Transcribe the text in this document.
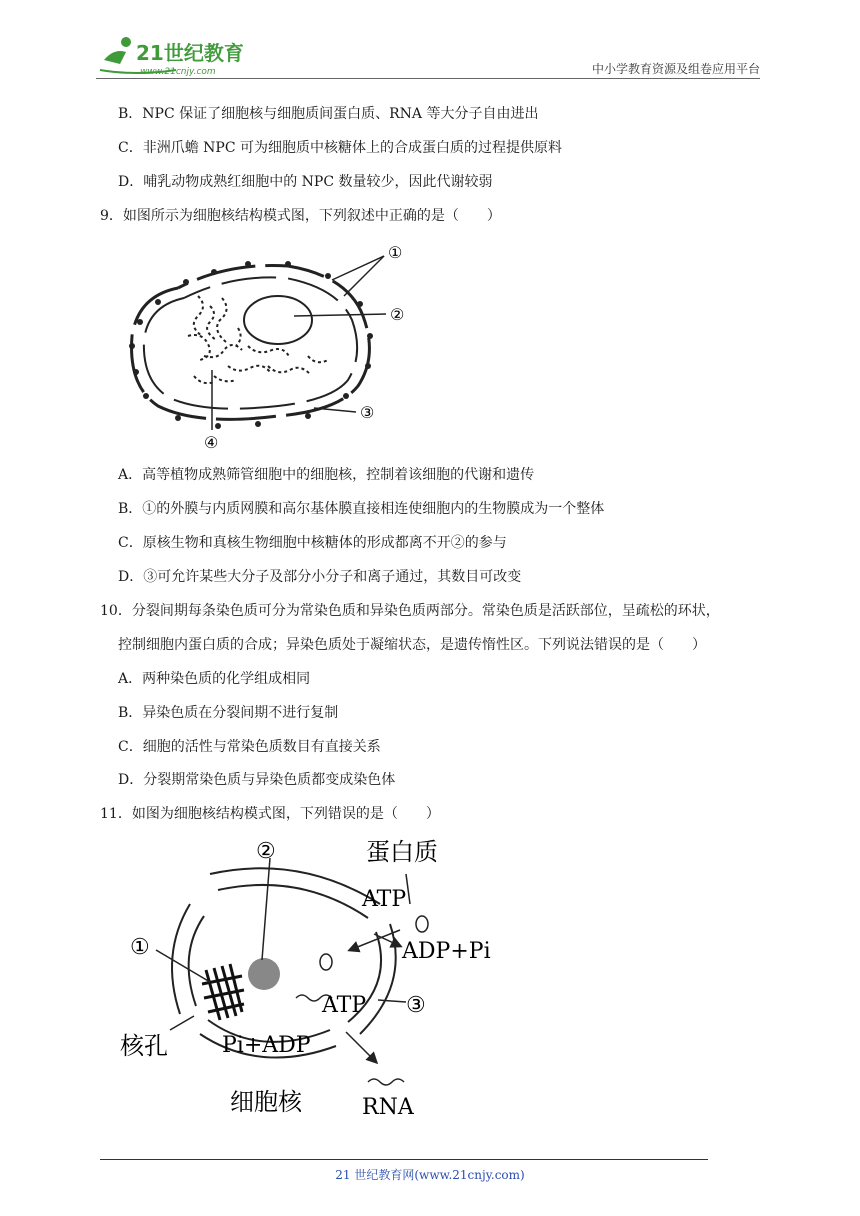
21世纪教育
www.21cnjy.com	中小学教育资源及组卷应用平台
B．NPC 保证了细胞核与细胞质间蛋白质、RNA 等大分子自由进出
C．非洲爪蟾 NPC 可为细胞质中核糖体上的合成蛋白质的过程提供原料
D．哺乳动物成熟红细胞中的 NPC 数量较少，因此代谢较弱
9．如图所示为细胞核结构模式图，下列叙述中正确的是（　　）
①
②
③
④
A．高等植物成熟筛管细胞中的细胞核，控制着该细胞的代谢和遗传
B．①的外膜与内质网膜和高尔基体膜直接相连使细胞内的生物膜成为一个整体
C．原核生物和真核生物细胞中核糖体的形成都离不开②的参与
D．③可允许某些大分子及部分小分子和离子通过，其数目可改变
10．分裂间期每条染色质可分为常染色质和异染色质两部分。常染色质是活跃部位，呈疏松的环状，
控制细胞内蛋白质的合成；异染色质处于凝缩状态，是遗传惰性区。下列说法错误的是（　　）
A．两种染色质的化学组成相同
B．异染色质在分裂间期不进行复制
C．细胞的活性与常染色质数目有直接关系
D．分裂期常染色质与异染色质都变成染色体
11．如图为细胞核结构模式图，下列错误的是（　　）
②
①
③
蛋白质
ATP
ADP+Pi
ATP
Pi+ADP
核孔
细胞核	RNA
21 世纪教育网(www.21cnjy.com)
